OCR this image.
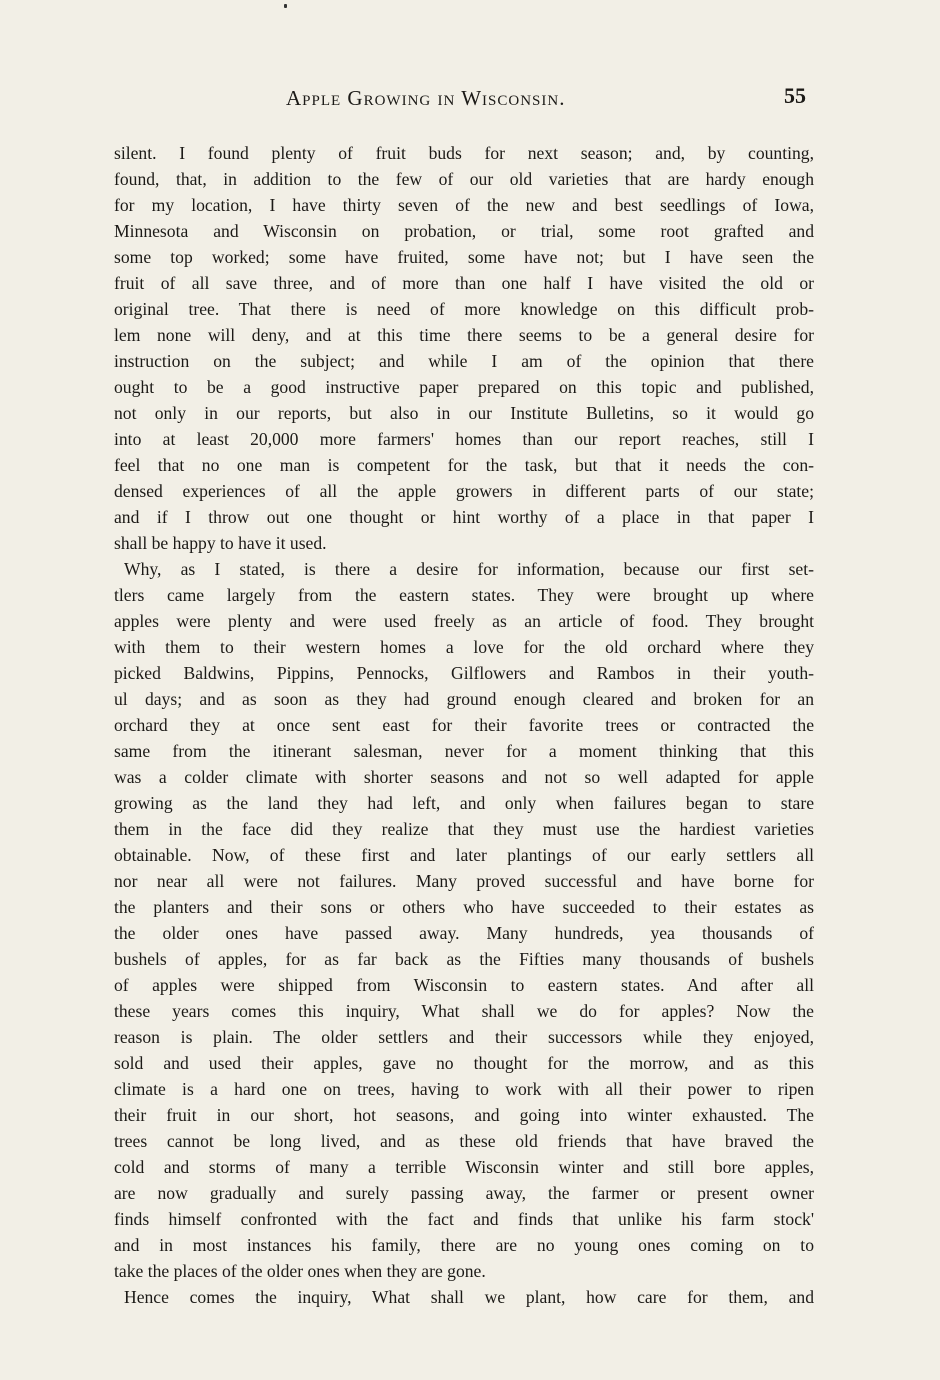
Apple Growing in Wisconsin.	55
silent. I found plenty of fruit buds for next season; and, by counting,
found, that, in addition to the few of our old varieties that are hardy enough
for my location, I have thirty seven of the new and best seedlings of Iowa,
Minnesota and Wisconsin on probation, or trial, some root grafted and
some top worked; some have fruited, some have not; but I have seen the
fruit of all save three, and of more than one half I have visited the old or
original tree. That there is need of more knowledge on this difficult prob-
lem none will deny, and at this time there seems to be a general desire for
instruction on the subject; and while I am of the opinion that there
ought to be a good instructive paper prepared on this topic and published,
not only in our reports, but also in our Institute Bulletins, so it would go
into at least 20,000 more farmers' homes than our report reaches, still I
feel that no one man is competent for the task, but that it needs the con-
densed experiences of all the apple growers in different parts of our state;
and if I throw out one thought or hint worthy of a place in that paper I
shall be happy to have it used.
Why, as I stated, is there a desire for information, because our first set-
tlers came largely from the eastern states. They were brought up where
apples were plenty and were used freely as an article of food. They brought
with them to their western homes a love for the old orchard where they
picked Baldwins, Pippins, Pennocks, Gilflowers and Rambos in their youth-
ul days; and as soon as they had ground enough cleared and broken for an
orchard they at once sent east for their favorite trees or contracted the
same from the itinerant salesman, never for a moment thinking that this
was a colder climate with shorter seasons and not so well adapted for apple
growing as the land they had left, and only when failures began to stare
them in the face did they realize that they must use the hardiest varieties
obtainable. Now, of these first and later plantings of our early settlers all
nor near all were not failures. Many proved successful and have borne for
the planters and their sons or others who have succeeded to their estates as
the older ones have passed away. Many hundreds, yea thousands of
bushels of apples, for as far back as the Fifties many thousands of bushels
of apples were shipped from Wisconsin to eastern states. And after all
these years comes this inquiry, What shall we do for apples? Now the
reason is plain. The older settlers and their successors while they enjoyed,
sold and used their apples, gave no thought for the morrow, and as this
climate is a hard one on trees, having to work with all their power to ripen
their fruit in our short, hot seasons, and going into winter exhausted. The
trees cannot be long lived, and as these old friends that have braved the
cold and storms of many a terrible Wisconsin winter and still bore apples,
are now gradually and surely passing away, the farmer or present owner
finds himself confronted with the fact and finds that unlike his farm stock'
and in most instances his family, there are no young ones coming on to
take the places of the older ones when they are gone.
Hence comes the inquiry, What shall we plant, how care for them, and
